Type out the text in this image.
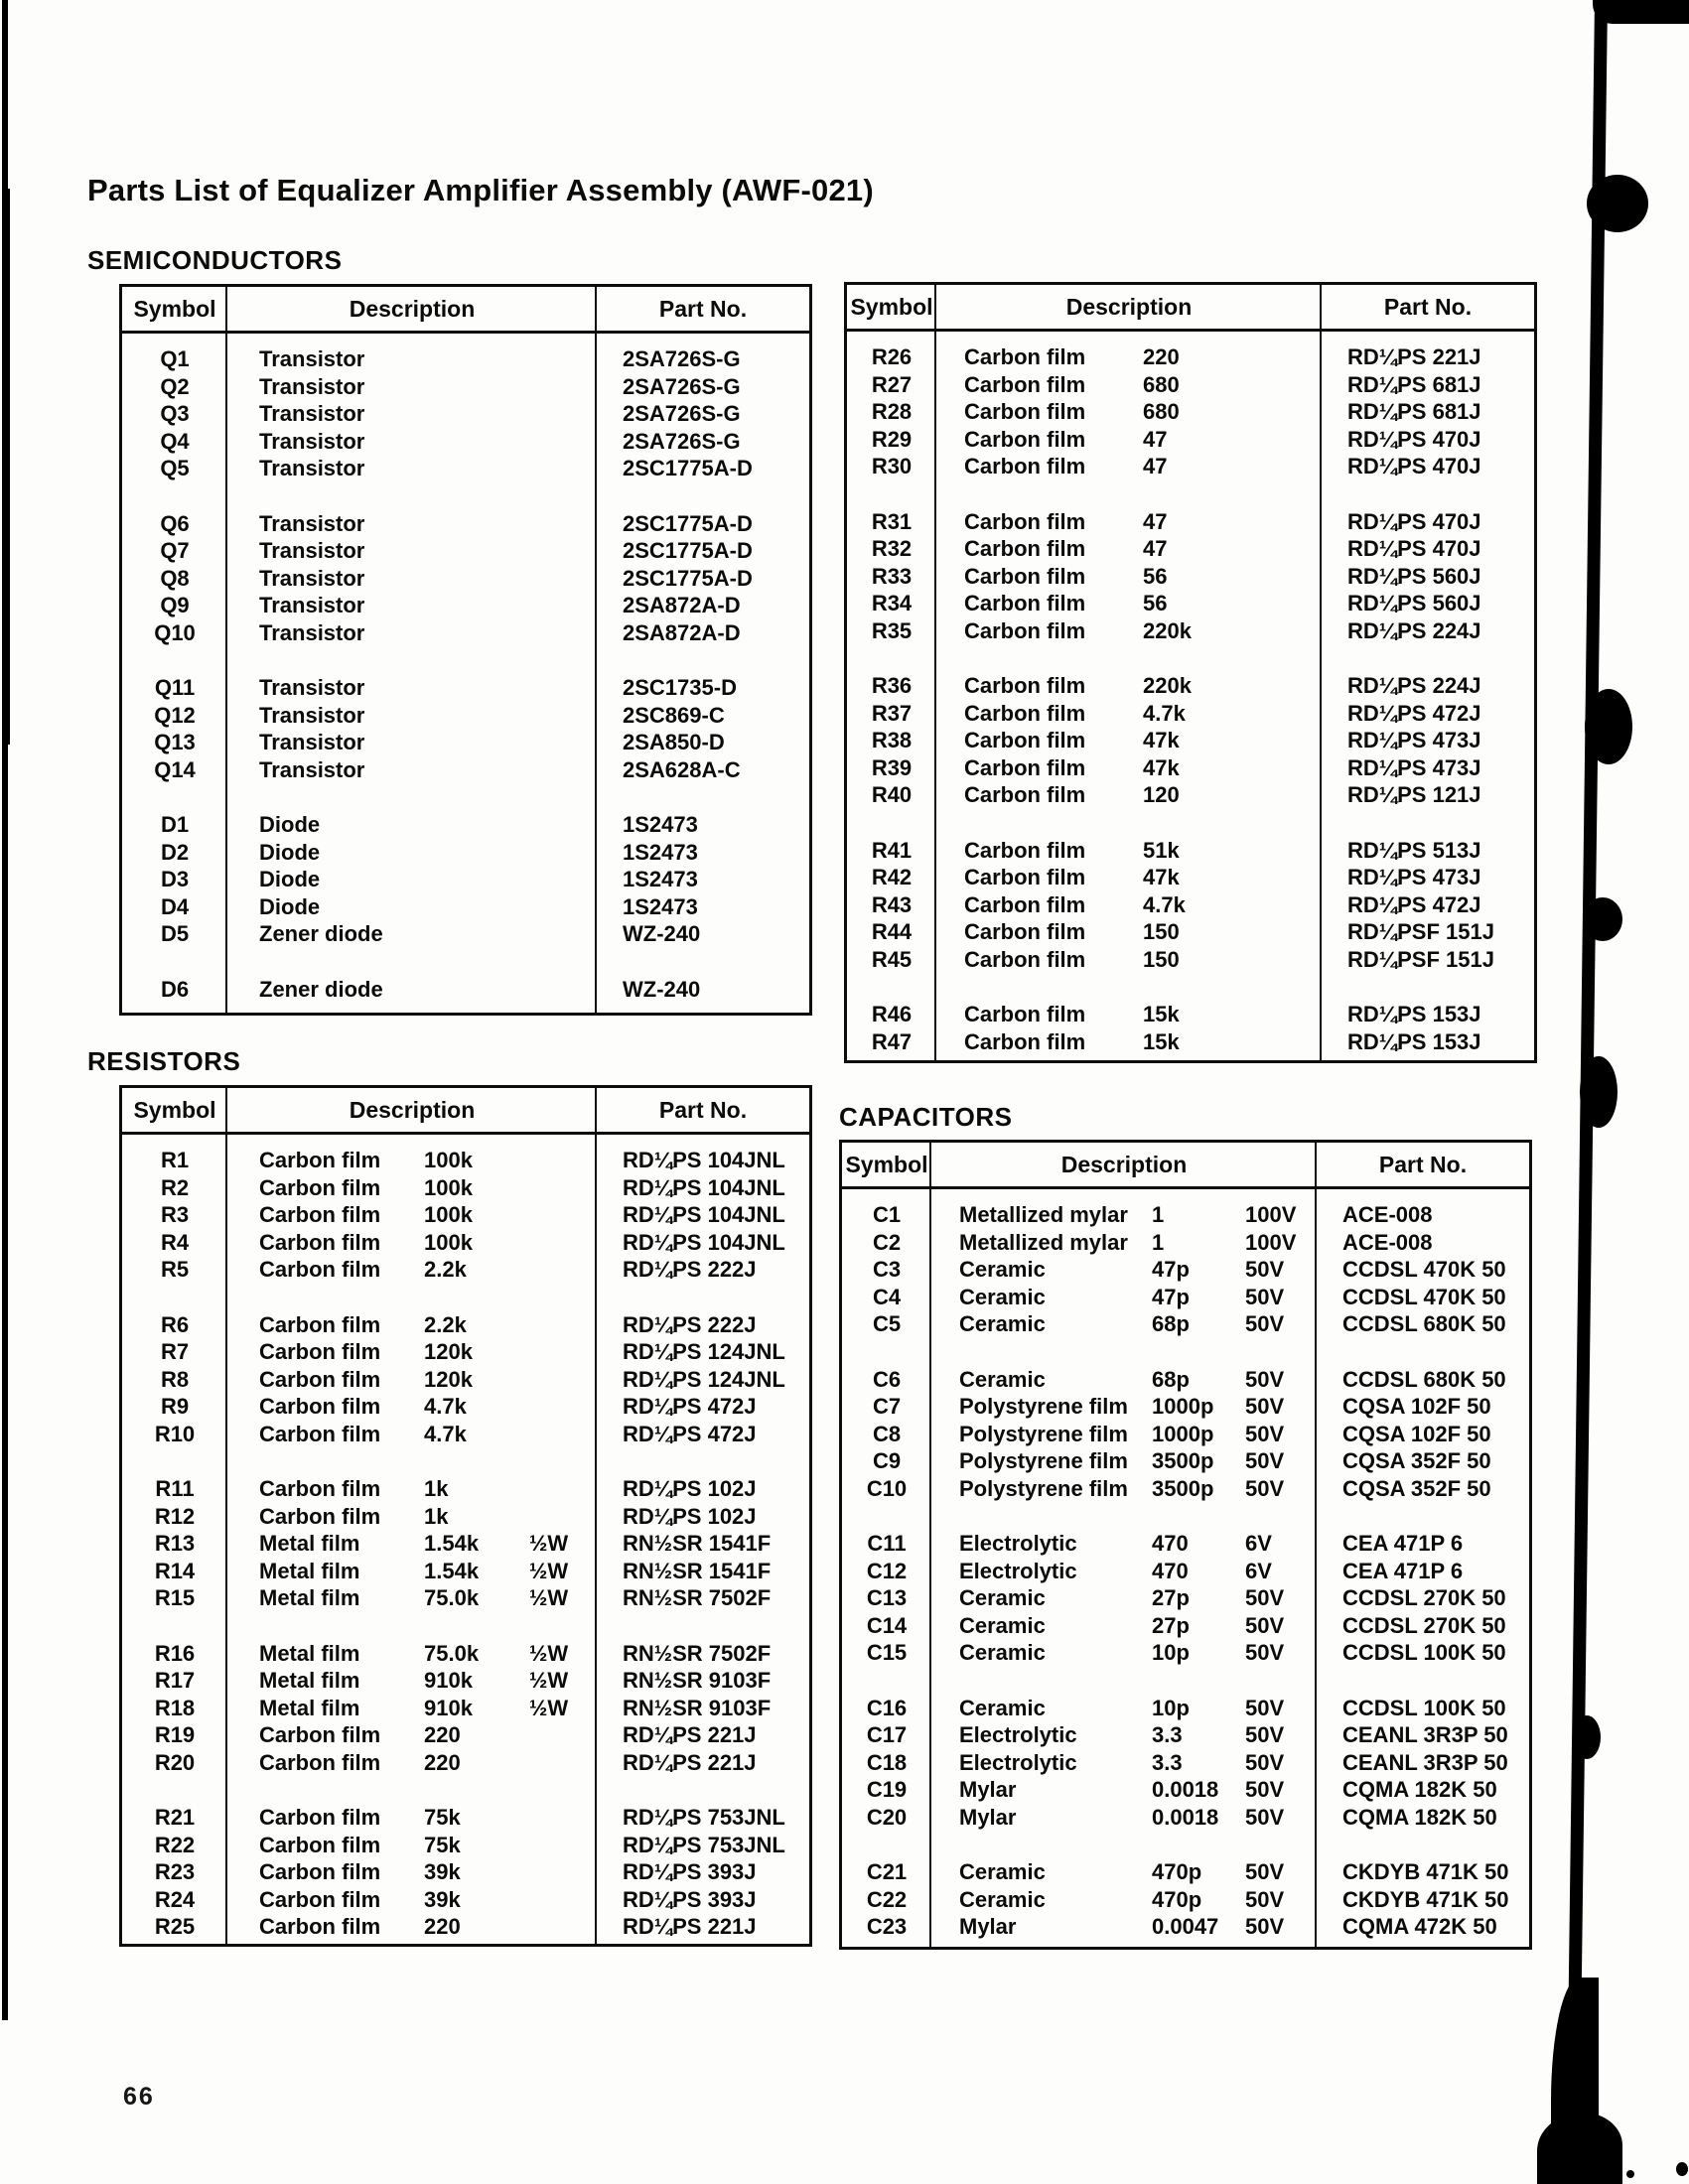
Parts List of Equalizer Amplifier Assembly (AWF-021)
SEMICONDUCTORS
Symbol	Description	Part No.
Q1	Transistor	2SA726S-G
Q2	Transistor	2SA726S-G
Q3	Transistor	2SA726S-G
Q4	Transistor	2SA726S-G
Q5	Transistor	2SC1775A-D
Q6	Transistor	2SC1775A-D
Q7	Transistor	2SC1775A-D
Q8	Transistor	2SC1775A-D
Q9	Transistor	2SA872A-D
Q10	Transistor	2SA872A-D
Q11	Transistor	2SC1735-D
Q12	Transistor	2SC869-C
Q13	Transistor	2SA850-D
Q14	Transistor	2SA628A-C
D1	Diode	1S2473
D2	Diode	1S2473
D3	Diode	1S2473
D4	Diode	1S2473
D5	Zener diode	WZ-240
D6	Zener diode	WZ-240
RESISTORS
Symbol	Description	Part No.
R1	Carbon film 100k	RD¼PS 104JNL
R2	Carbon film 100k	RD¼PS 104JNL
R3	Carbon film 100k	RD¼PS 104JNL
R4	Carbon film 100k	RD¼PS 104JNL
R5	Carbon film 2.2k	RD¼PS 222J
R6	Carbon film 2.2k	RD¼PS 222J
R7	Carbon film 120k	RD¼PS 124JNL
R8	Carbon film 120k	RD¼PS 124JNL
R9	Carbon film 4.7k	RD¼PS 472J
R10	Carbon film 4.7k	RD¼PS 472J
R11	Carbon film 1k	RD¼PS 102J
R12	Carbon film 1k	RD¼PS 102J
R13	Metal film	1.54k ½W	RN½SR 1541F
R14	Metal film	1.54k ½W	RN½SR 1541F
R15	Metal film	75.0k ½W	RN½SR 7502F
R16	Metal film	75.0k ½W	RN½SR 7502F
R17	Metal film	910k	½W	RN½SR 9103F
R18	Metal film	910k	½W	RN½SR 9103F
R19	Carbon film 220	RD¼PS 221J
R20	Carbon film 220	RD¼PS 221J
R21	Carbon film 75k	RD¼PS 753JNL
R22	Carbon film 75k	RD¼PS 753JNL
R23	Carbon film 39k	RD¼PS 393J
R24	Carbon film 39k	RD¼PS 393J
R25	Carbon film 220	RD¼PS 221J
Symbol	Description	Part No.
R26	Carbon film	220	RD¼PS 221J
R27	Carbon film	680	RD¼PS 681J
R28	Carbon film	680	RD¼PS 681J
R29	Carbon film	47	RD¼PS 470J
R30	Carbon film	47	RD¼PS 470J
R31	Carbon film	47	RD¼PS 470J
R32	Carbon film	47	RD¼PS 470J
R33	Carbon film	56	RD¼PS 560J
R34	Carbon film	56	RD¼PS 560J
R35	Carbon film	220k	RD¼PS 224J
R36	Carbon film	220k	RD¼PS 224J
R37	Carbon film	4.7k	RD¼PS 472J
R38	Carbon film	47k	RD¼PS 473J
R39	Carbon film	47k	RD¼PS 473J
R40	Carbon film	120	RD¼PS 121J
R41	Carbon film	51k	RD¼PS 513J
R42	Carbon film	47k	RD¼PS 473J
R43	Carbon film	4.7k	RD¼PS 472J
R44	Carbon film	150	RD¼PSF 151J
R45	Carbon film	150	RD¼PSF 151J
R46	Carbon film	15k	RD¼PS 153J
R47	Carbon film	15k	RD¼PS 153J
CAPACITORS
Symbol	Description	Part No.
C1	Metallized mylar 1	100V	ACE-008
C2	Metallized mylar 1	100V	ACE-008
C3	Ceramic	47p	50V	CCDSL 470K 50
C4	Ceramic	47p	50V	CCDSL 470K 50
C5	Ceramic	68p	50V	CCDSL 680K 50
C6	Ceramic	68p	50V	CCDSL 680K 50
C7	Polystyrene film 1000p 50V	CQSA 102F 50
C8	Polystyrene film 1000p 50V	CQSA 102F 50
C9	Polystyrene film 3500p 50V	CQSA 352F 50
C10	Polystyrene film 3500p 50V	CQSA 352F 50
C11	Electrolytic	470	6V	CEA 471P 6
C12	Electrolytic	470	6V	CEA 471P 6
C13	Ceramic	27p	50V	CCDSL 270K 50
C14	Ceramic	27p	50V	CCDSL 270K 50
C15	Ceramic	10p	50V	CCDSL 100K 50
C16	Ceramic	10p	50V	CCDSL 100K 50
C17	Electrolytic	3.3	50V	CEANL 3R3P 50
C18	Electrolytic	3.3	50V	CEANL 3R3P 50
C19	Mylar	0.0018 50V	CQMA 182K 50
C20	Mylar	0.0018 50V	CQMA 182K 50
C21	Ceramic	470p 50V	CKDYB 471K 50
C22	Ceramic	470p 50V	CKDYB 471K 50
C23	Mylar	0.0047 50V	CQMA 472K 50
66
